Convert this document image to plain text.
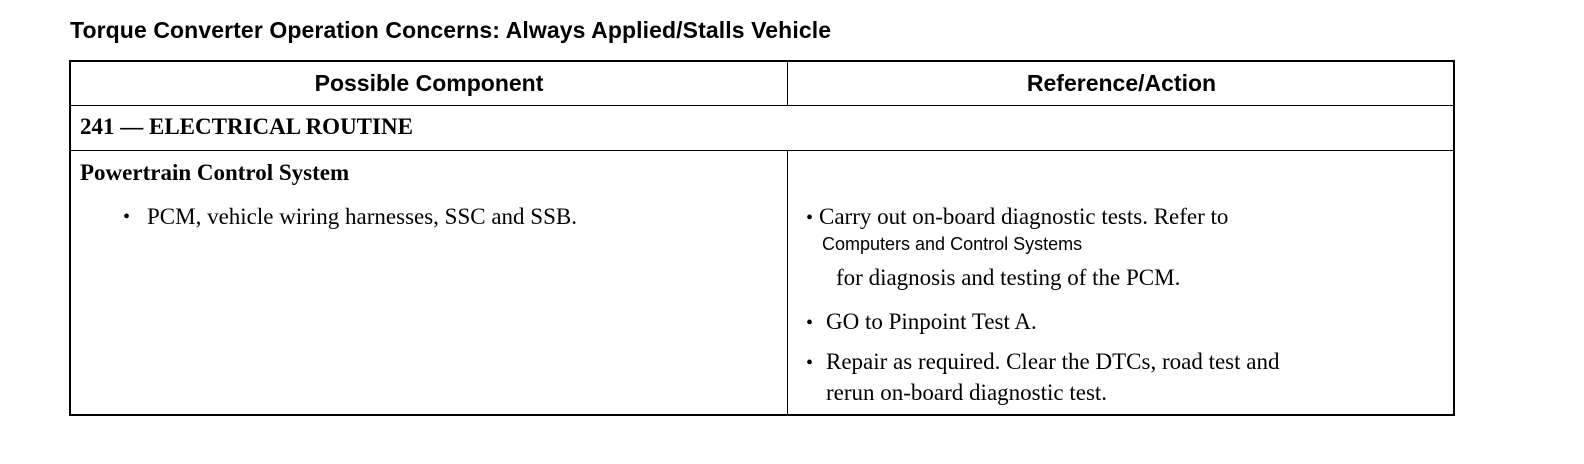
Torque Converter Operation Concerns: Always Applied/Stalls Vehicle
Possible Component	Reference/Action
241 — ELECTRICAL ROUTINE
Powertrain Control System
• PCM, vehicle wiring harnesses, SSC and SSB.	• Carry out on-board diagnostic tests. Refer to
Computers and Control Systems
for diagnosis and testing of the PCM.
• GO to Pinpoint Test A.
• Repair as required. Clear the DTCs, road test and
rerun on-board diagnostic test.
